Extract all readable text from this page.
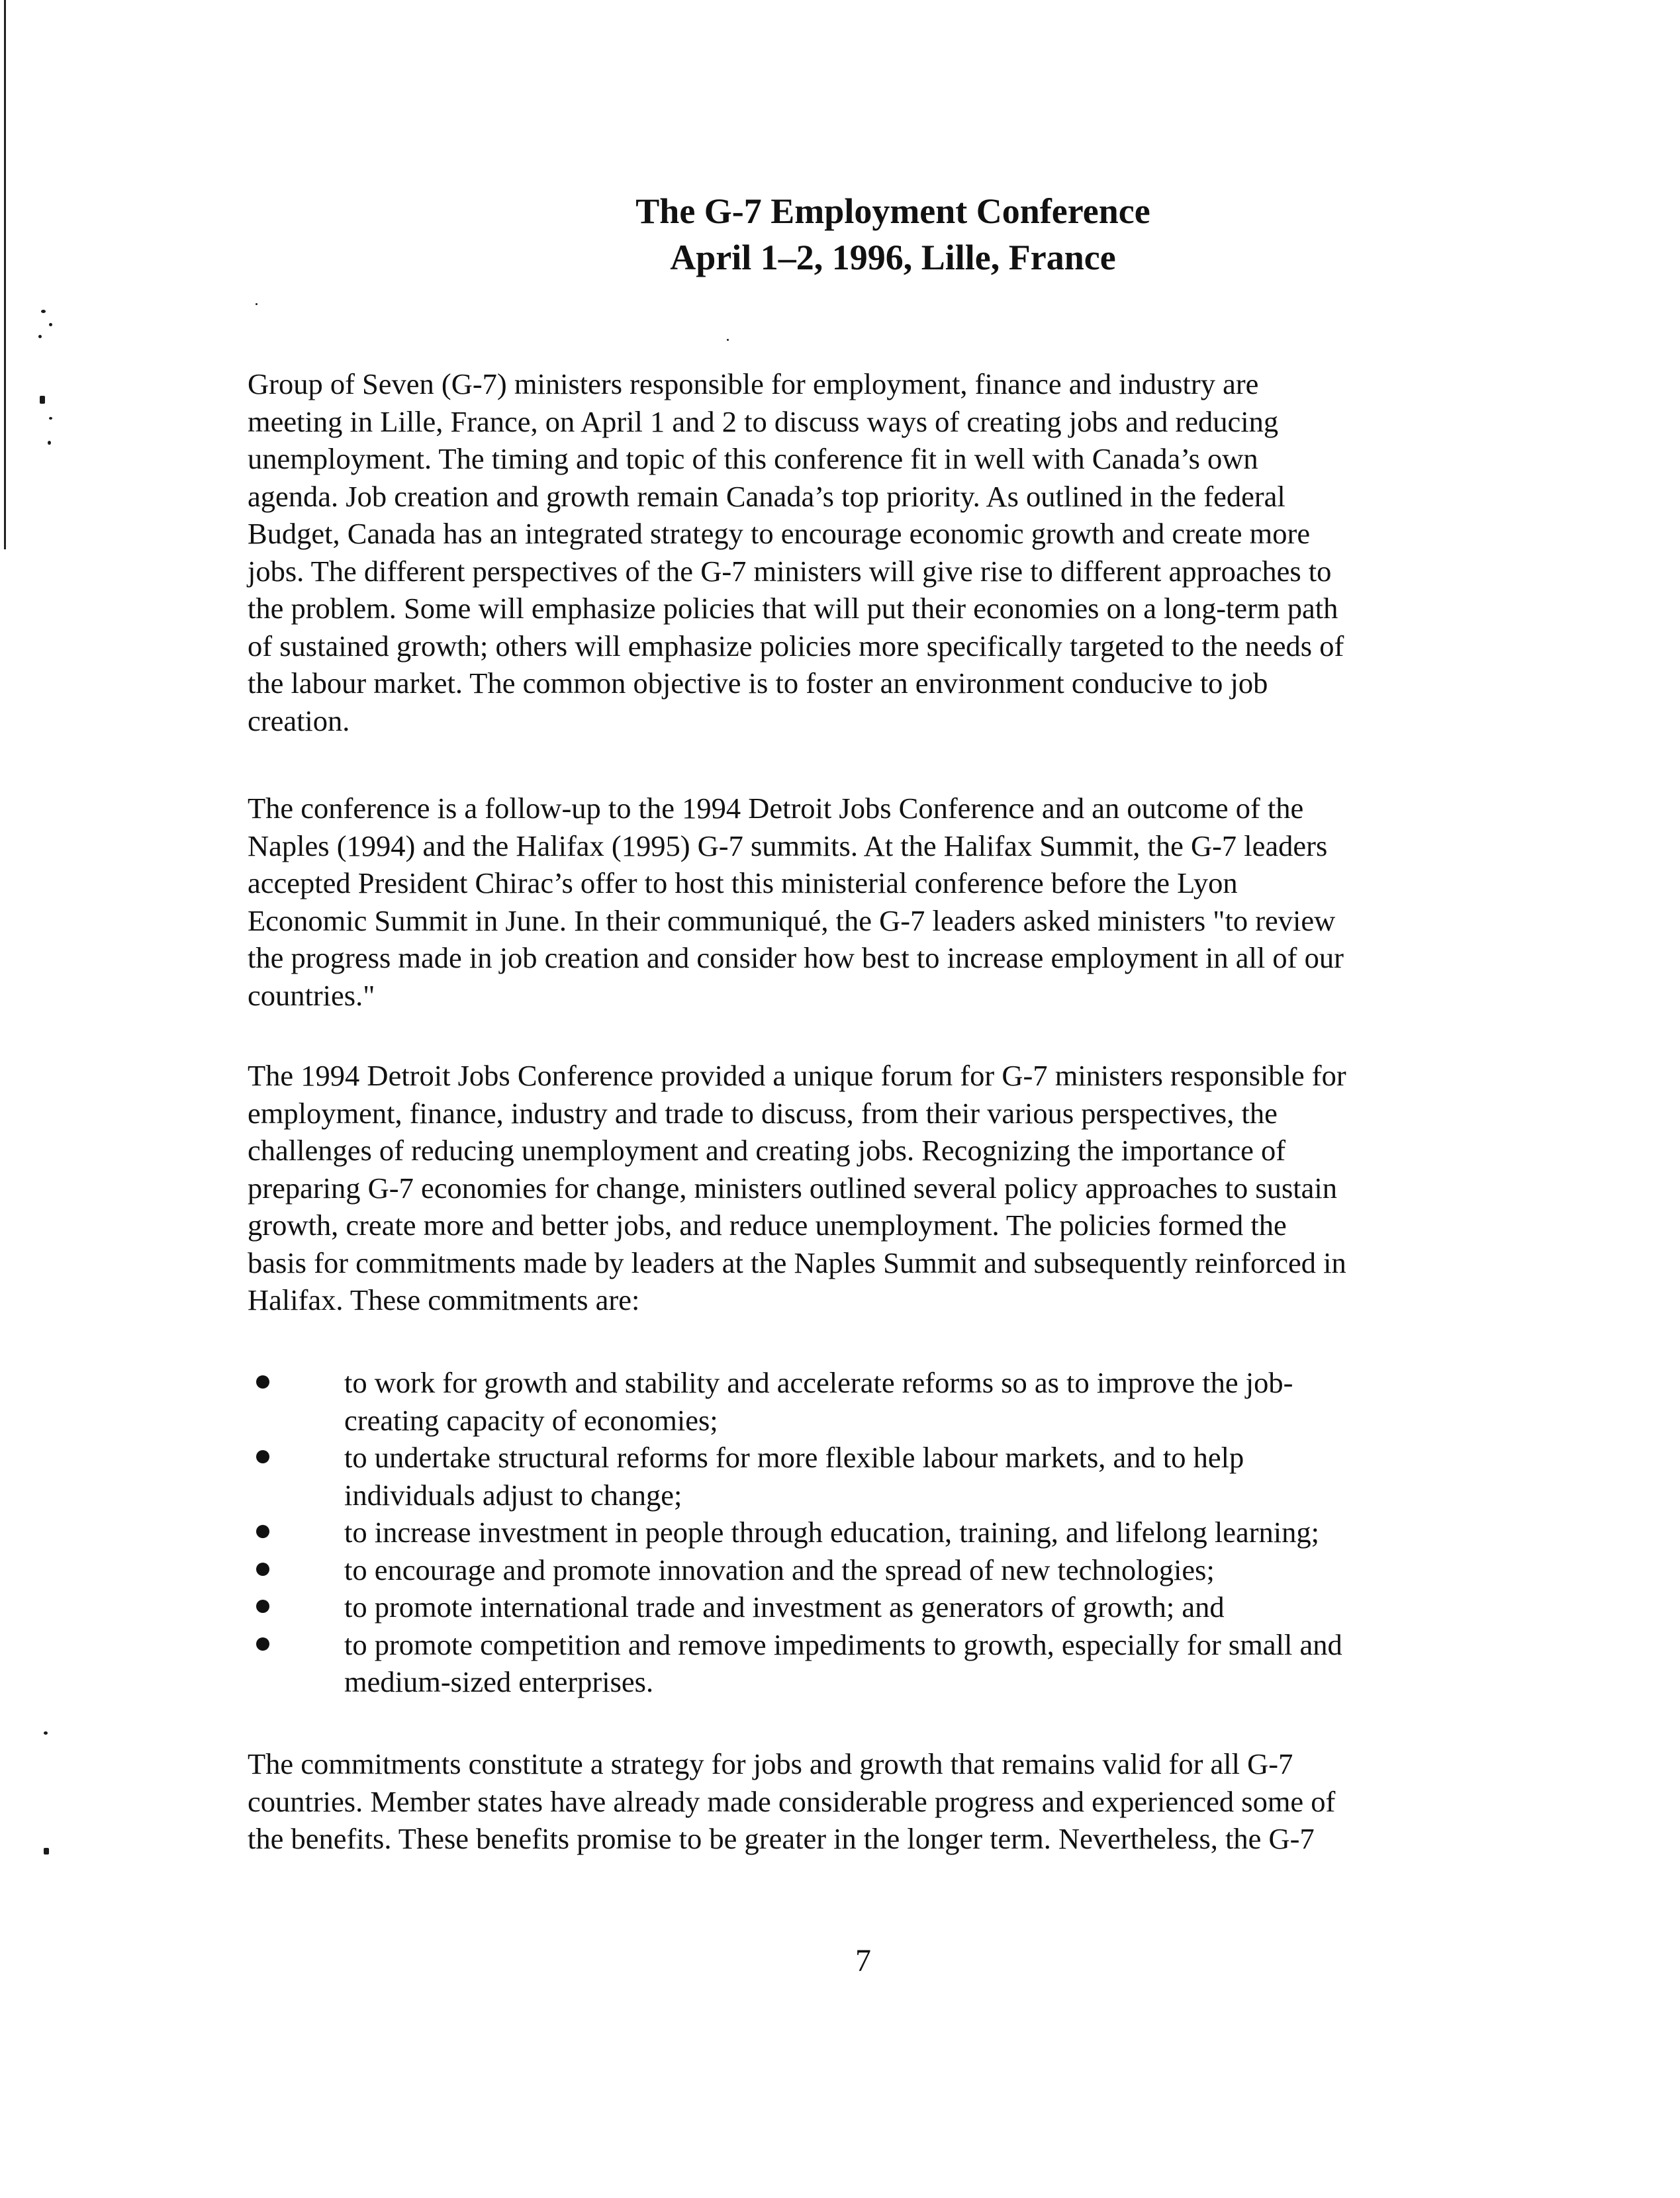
The G-7 Employment Conference
April 1–2, 1996, Lille, France
Group of Seven (G-7) ministers responsible for employment, finance and industry are
meeting in Lille, France, on April 1 and 2 to discuss ways of creating jobs and reducing
unemployment. The timing and topic of this conference fit in well with Canada’s own
agenda. Job creation and growth remain Canada’s top priority. As outlined in the federal
Budget, Canada has an integrated strategy to encourage economic growth and create more
jobs. The different perspectives of the G-7 ministers will give rise to different approaches to
the problem. Some will emphasize policies that will put their economies on a long-term path
of sustained growth; others will emphasize policies more specifically targeted to the needs of
the labour market. The common objective is to foster an environment conducive to job
creation.
The conference is a follow-up to the 1994 Detroit Jobs Conference and an outcome of the
Naples (1994) and the Halifax (1995) G-7 summits. At the Halifax Summit, the G-7 leaders
accepted President Chirac’s offer to host this ministerial conference before the Lyon
Economic Summit in June. In their communiqué, the G-7 leaders asked ministers "to review
the progress made in job creation and consider how best to increase employment in all of our
countries."
The 1994 Detroit Jobs Conference provided a unique forum for G-7 ministers responsible for
employment, finance, industry and trade to discuss, from their various perspectives, the
challenges of reducing unemployment and creating jobs. Recognizing the importance of
preparing G-7 economies for change, ministers outlined several policy approaches to sustain
growth, create more and better jobs, and reduce unemployment. The policies formed the
basis for commitments made by leaders at the Naples Summit and subsequently reinforced in
Halifax. These commitments are:
to work for growth and stability and accelerate reforms so as to improve the job-
creating capacity of economies;
to undertake structural reforms for more flexible labour markets, and to help
individuals adjust to change;
to increase investment in people through education, training, and lifelong learning;
to encourage and promote innovation and the spread of new technologies;
to promote international trade and investment as generators of growth; and
to promote competition and remove impediments to growth, especially for small and
medium-sized enterprises.
The commitments constitute a strategy for jobs and growth that remains valid for all G-7
countries. Member states have already made considerable progress and experienced some of
the benefits. These benefits promise to be greater in the longer term. Nevertheless, the G-7
7
